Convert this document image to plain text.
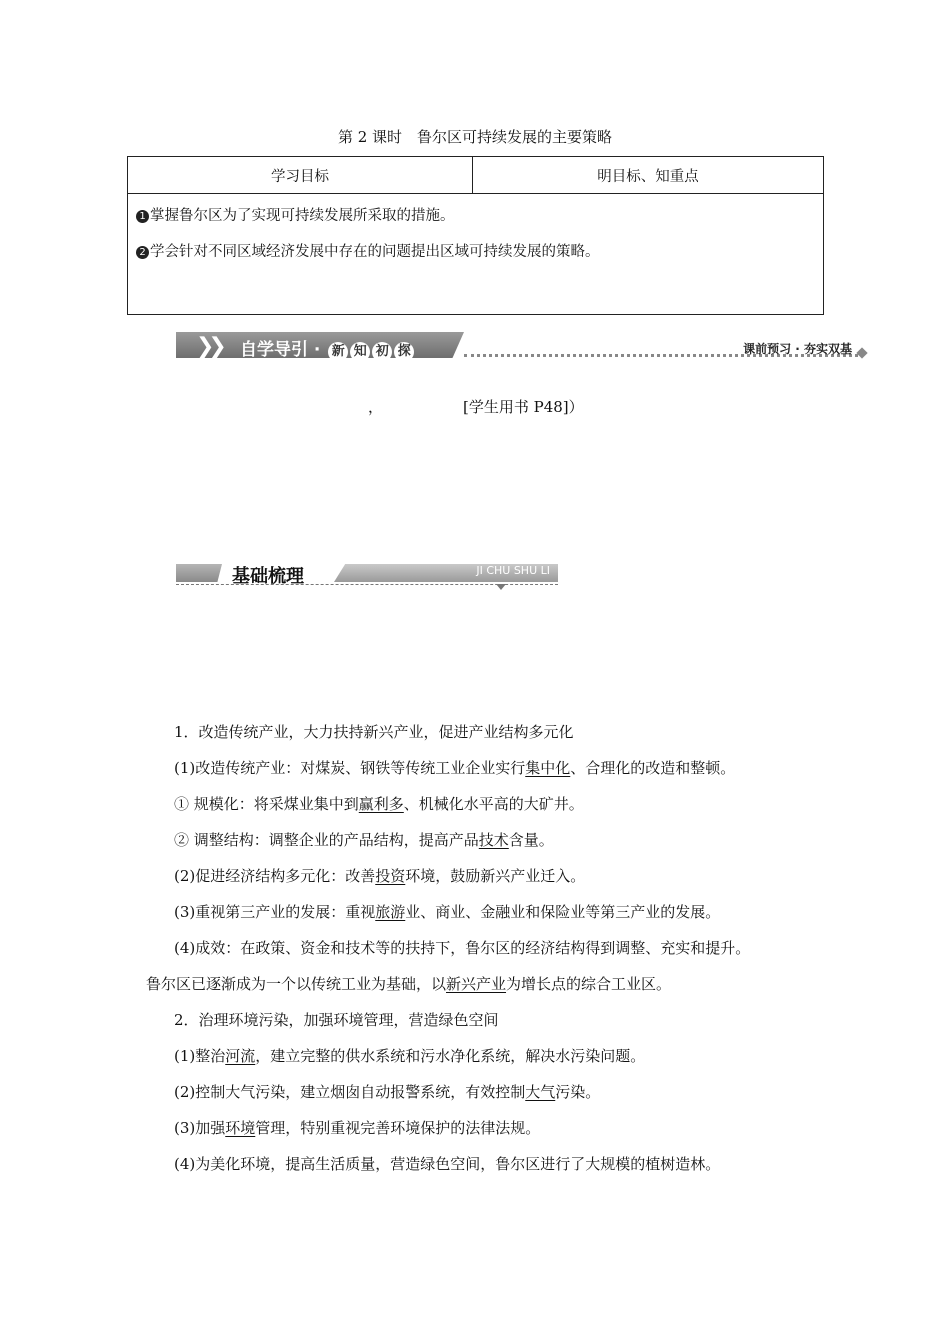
第 2 课时　鲁尔区可持续发展的主要策略
学习目标	明目标、知重点

1 掌握鲁尔区为了实现可持续发展所采取的措施。
2 学会针对不同区域经济发展中存在的问题提出区域可持续发展的策略。
❯❯ 自学导引 · 新 知 初 探	课前预习 · 夯实双基
，	[学生用书 P48]）
基础梳理	JI CHU SHU LI

1．改造传统产业，大力扶持新兴产业，促进产业结构多元化

(1)改造传统产业：对煤炭、钢铁等传统工业企业实行集中化、合理化的改造和整顿。

① 规模化：将采煤业集中到赢利多、机械化水平高的大矿井。

② 调整结构：调整企业的产品结构，提高产品技术含量。

(2)促进经济结构多元化：改善投资环境，鼓励新兴产业迁入。

(3)重视第三产业的发展：重视旅游业、商业、金融业和保险业等第三产业的发展。

(4)成效：在政策、资金和技术等的扶持下，鲁尔区的经济结构得到调整、充实和提升。

鲁尔区已逐渐成为一个以传统工业为基础，以新兴产业为增长点的综合工业区。

2．治理环境污染，加强环境管理，营造绿色空间

(1)整治河流，建立完整的供水系统和污水净化系统，解决水污染问题。

(2)控制大气污染，建立烟囱自动报警系统，有效控制大气污染。

(3)加强环境管理，特别重视完善环境保护的法律法规。

(4)为美化环境，提高生活质量，营造绿色空间，鲁尔区进行了大规模的植树造林。
